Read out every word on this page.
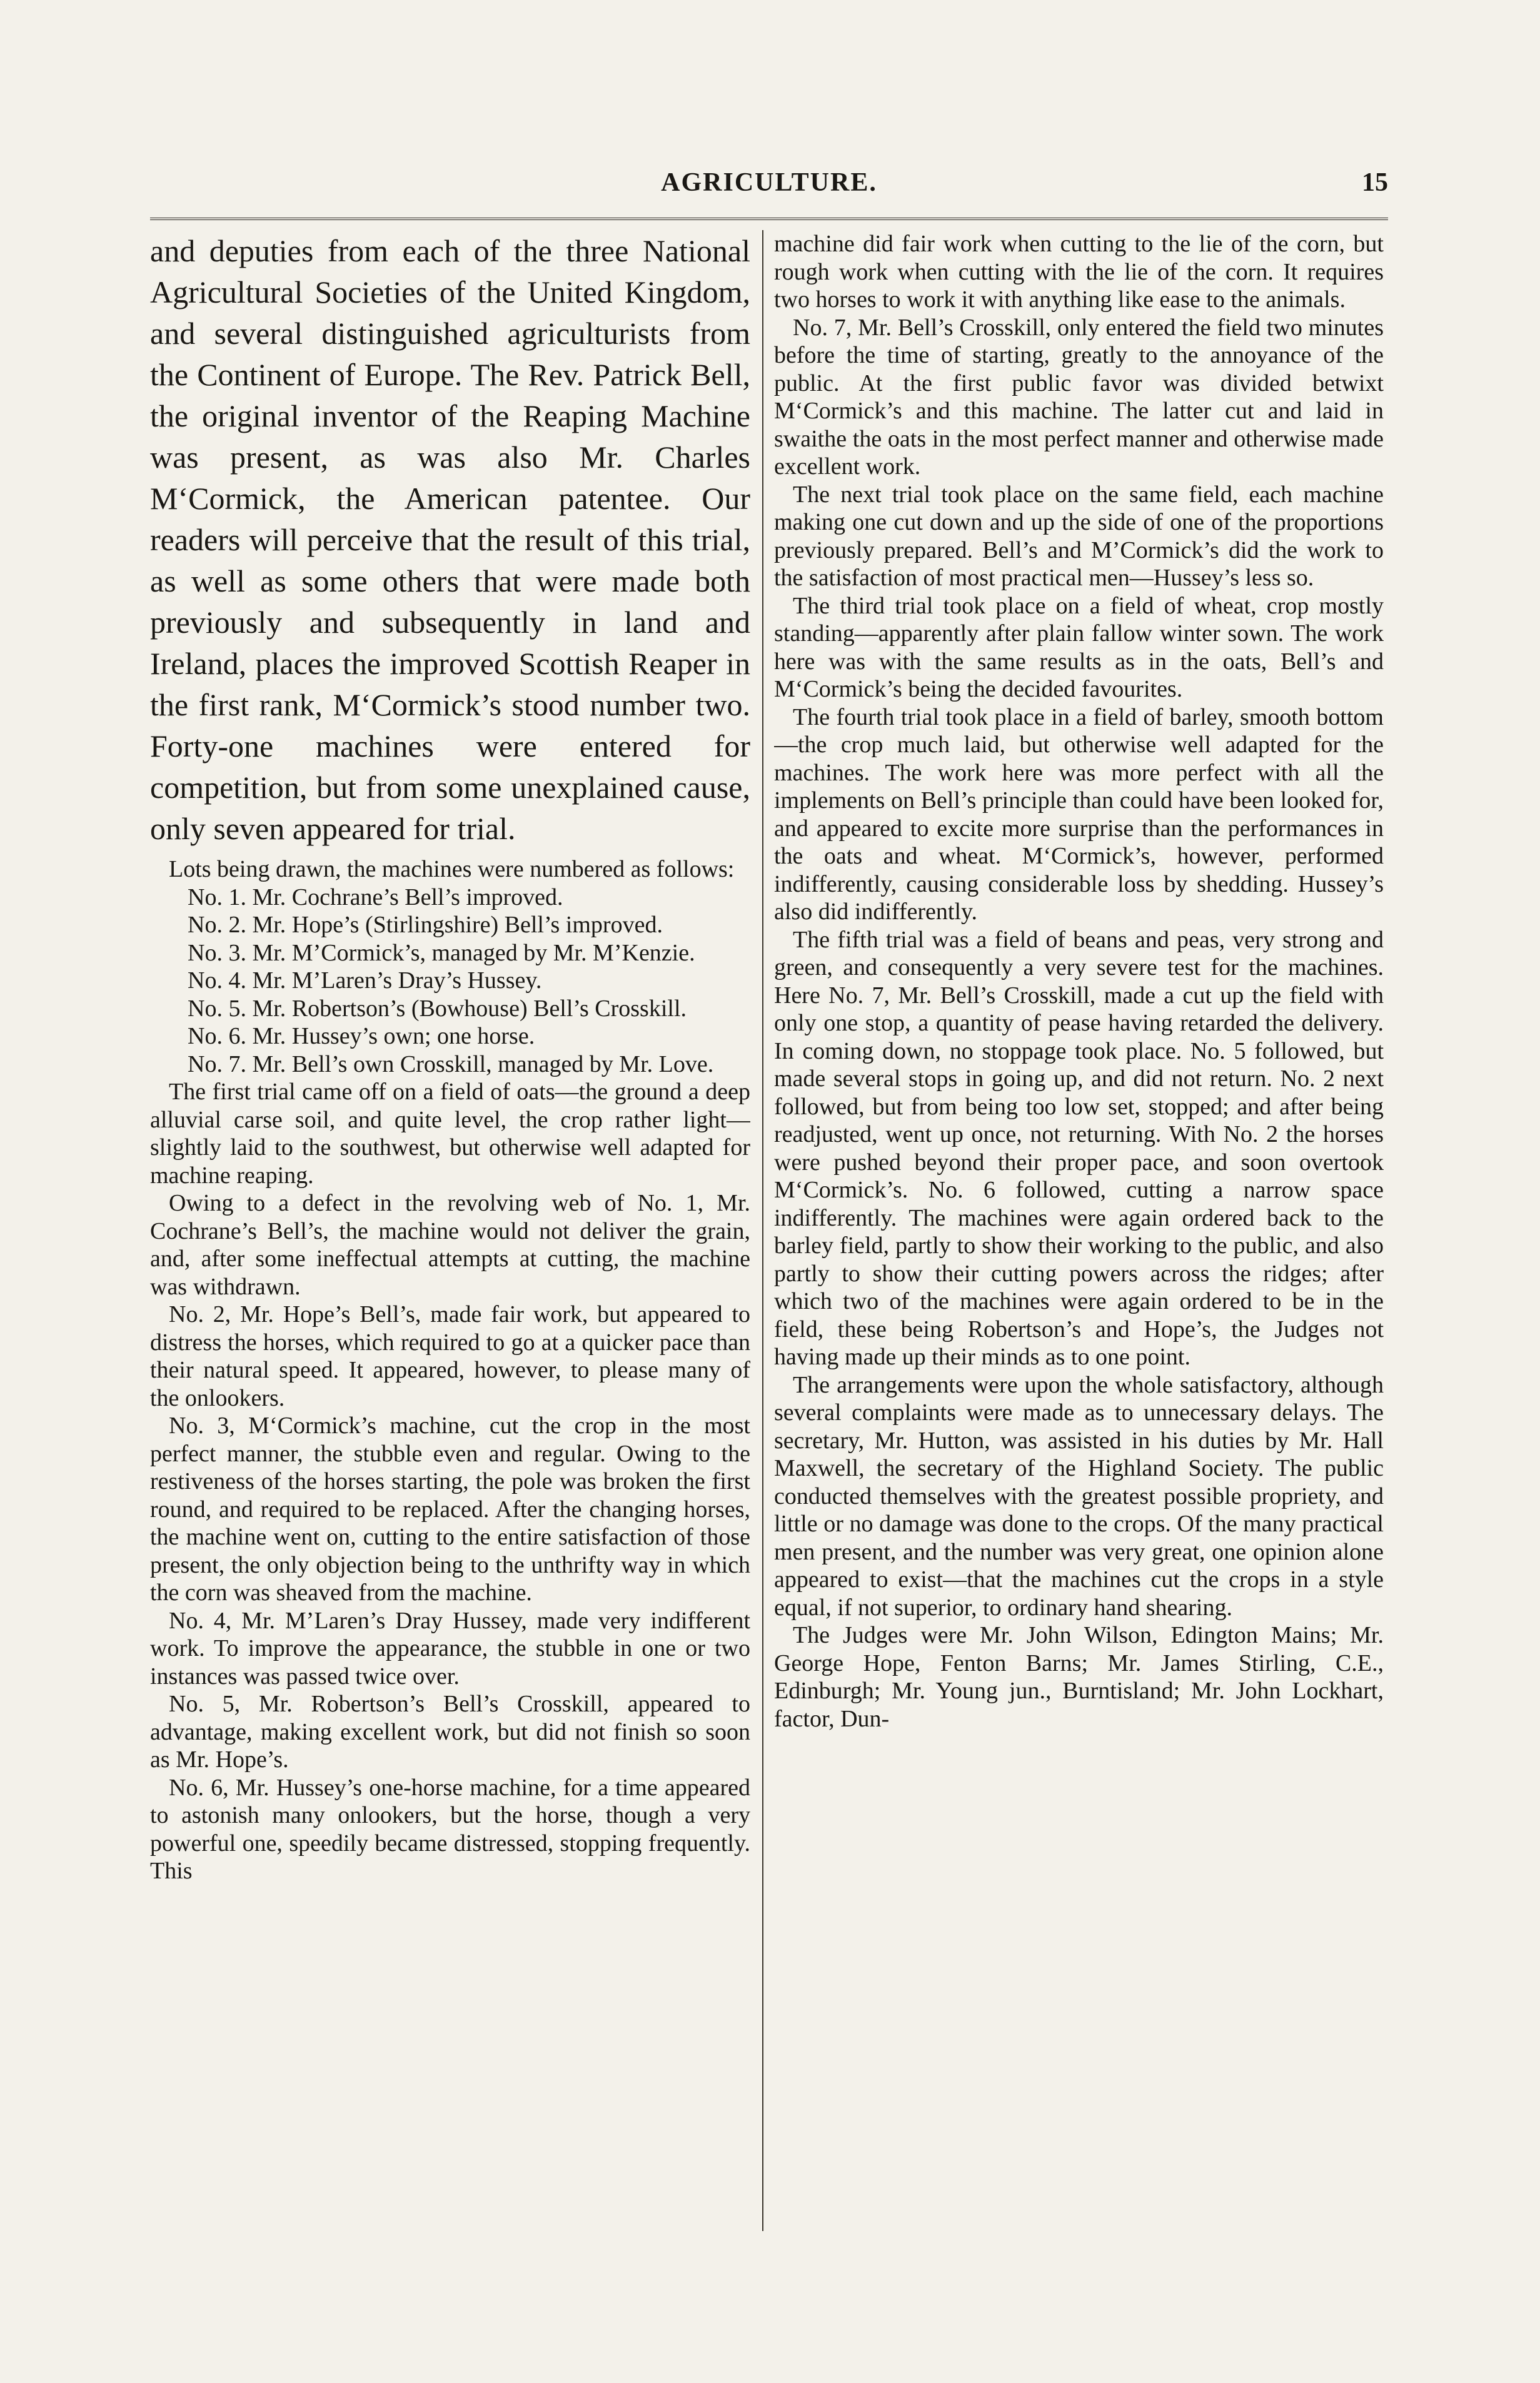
AGRICULTURE.	15

and deputies from each of the three National Agricultural Societies of the United Kingdom, and several distinguished agriculturists from the Continent of Europe. The Rev. Patrick Bell, the original inventor of the Reaping Machine was present, as was also Mr. Charles M‘Cormick, the American patentee. Our readers will perceive that the result of this trial, as well as some others that were made both previously and subsequently in land and Ireland, places the improved Scottish Reaper in the first rank, M‘Cormick’s stood number two. Forty-one machines were entered for competition, but from some unexplained cause, only seven appeared for trial.

Lots being drawn, the machines were numbered as follows:

No. 1. Mr. Cochrane’s Bell’s improved.

No. 2. Mr. Hope’s (Stirlingshire) Bell’s improved.

No. 3. Mr. M’Cormick’s, managed by Mr. M’Kenzie.

No. 4. Mr. M’Laren’s Dray’s Hussey.

No. 5. Mr. Robertson’s (Bowhouse) Bell’s Crosskill.

No. 6. Mr. Hussey’s own; one horse.

No. 7. Mr. Bell’s own Crosskill, managed by Mr. Love.

The first trial came off on a field of oats—the ground a deep alluvial carse soil, and quite level, the crop rather light—slightly laid to the southwest, but otherwise well adapted for machine reaping.

Owing to a defect in the revolving web of No. 1, Mr. Cochrane’s Bell’s, the machine would not deliver the grain, and, after some ineffectual attempts at cutting, the machine was withdrawn.

No. 2, Mr. Hope’s Bell’s, made fair work, but appeared to distress the horses, which required to go at a quicker pace than their natural speed. It appeared, however, to please many of the onlookers.

No. 3, M‘Cormick’s machine, cut the crop in the most perfect manner, the stubble even and regular. Owing to the restiveness of the horses starting, the pole was broken the first round, and required to be replaced. After the changing horses, the machine went on, cutting to the entire satisfaction of those present, the only objection being to the unthrifty way in which the corn was sheaved from the machine.

No. 4, Mr. M’Laren’s Dray Hussey, made very indifferent work. To improve the appearance, the stubble in one or two instances was passed twice over.

No. 5, Mr. Robertson’s Bell’s Crosskill, appeared to advantage, making excellent work, but did not finish so soon as Mr. Hope’s.

No. 6, Mr. Hussey’s one-horse machine, for a time appeared to astonish many onlookers, but the horse, though a very powerful one, speedily became distressed, stopping frequently. This

machine did fair work when cutting to the lie of the corn, but rough work when cutting with the lie of the corn. It requires two horses to work it with anything like ease to the animals.

No. 7, Mr. Bell’s Crosskill, only entered the field two minutes before the time of starting, greatly to the annoyance of the public. At the first public favor was divided betwixt M‘Cormick’s and this machine. The latter cut and laid in swaithe the oats in the most perfect manner and otherwise made excellent work.

The next trial took place on the same field, each machine making one cut down and up the side of one of the proportions previously prepared. Bell’s and M’Cormick’s did the work to the satisfaction of most practical men—Hussey’s less so.

The third trial took place on a field of wheat, crop mostly standing—apparently after plain fallow winter sown. The work here was with the same results as in the oats, Bell’s and M‘Cormick’s being the decided favourites.

The fourth trial took place in a field of barley, smooth bottom—the crop much laid, but otherwise well adapted for the machines. The work here was more perfect with all the implements on Bell’s principle than could have been looked for, and appeared to excite more surprise than the performances in the oats and wheat. M‘Cormick’s, however, performed indifferently, causing considerable loss by shedding. Hussey’s also did indifferently.

The fifth trial was a field of beans and peas, very strong and green, and consequently a very severe test for the machines. Here No. 7, Mr. Bell’s Crosskill, made a cut up the field with only one stop, a quantity of pease having retarded the delivery. In coming down, no stoppage took place. No. 5 followed, but made several stops in going up, and did not return. No. 2 next followed, but from being too low set, stopped; and after being readjusted, went up once, not returning. With No. 2 the horses were pushed beyond their proper pace, and soon overtook M‘Cormick’s. No. 6 followed, cutting a narrow space indifferently. The machines were again ordered back to the barley field, partly to show their working to the public, and also partly to show their cutting powers across the ridges; after which two of the machines were again ordered to be in the field, these being Robertson’s and Hope’s, the Judges not having made up their minds as to one point.

The arrangements were upon the whole satisfactory, although several complaints were made as to unnecessary delays. The secretary, Mr. Hutton, was assisted in his duties by Mr. Hall Maxwell, the secretary of the Highland Society. The public conducted themselves with the greatest possible propriety, and little or no damage was done to the crops. Of the many practical men present, and the number was very great, one opinion alone appeared to exist—that the machines cut the crops in a style equal, if not superior, to ordinary hand shearing.

The Judges were Mr. John Wilson, Edington Mains; Mr. George Hope, Fenton Barns; Mr. James Stirling, C.E., Edinburgh; Mr. Young jun., Burntisland; Mr. John Lockhart, factor, Dun-
